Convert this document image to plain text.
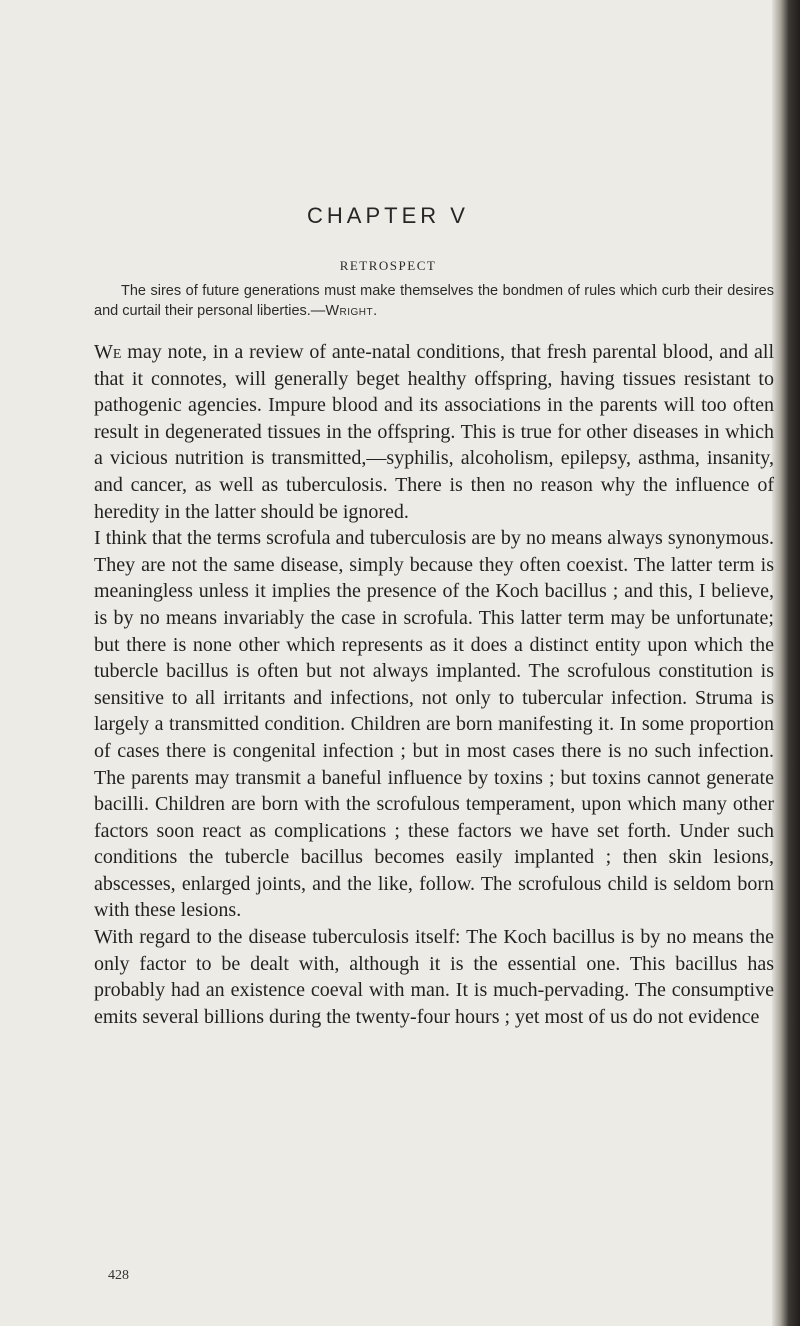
CHAPTER V
RETROSPECT

The sires of future generations must make themselves the bondmen of rules which curb their desires and curtail their personal liberties.—Wright.

We may note, in a review of ante-natal conditions, that fresh parental blood, and all that it connotes, will generally beget healthy offspring, having tissues resistant to pathogenic agencies. Impure blood and its associations in the parents will too often result in degenerated tissues in the offspring. This is true for other diseases in which a vicious nutrition is transmitted,—syphilis, alcoholism, epilepsy, asthma, insanity, and cancer, as well as tuberculosis. There is then no reason why the influence of heredity in the latter should be ignored.

I think that the terms scrofula and tuberculosis are by no means always synonymous. They are not the same disease, simply because they often coexist. The latter term is meaningless unless it implies the presence of the Koch bacillus ; and this, I believe, is by no means invariably the case in scrofula. This latter term may be unfortunate; but there is none other which represents as it does a distinct entity upon which the tubercle bacillus is often but not always implanted. The scrofulous constitution is sensitive to all irritants and infections, not only to tubercular infection. Struma is largely a transmitted condition. Children are born manifesting it. In some proportion of cases there is congenital infection ; but in most cases there is no such infection. The parents may transmit a baneful influence by toxins ; but toxins cannot generate bacilli. Children are born with the scrofulous temperament, upon which many other factors soon react as complications ; these factors we have set forth. Under such conditions the tubercle bacillus becomes easily implanted ; then skin lesions, abscesses, enlarged joints, and the like, follow. The scrofulous child is seldom born with these lesions.

With regard to the disease tuberculosis itself: The Koch bacillus is by no means the only factor to be dealt with, although it is the essential one. This bacillus has probably had an existence coeval with man. It is much-pervading. The consumptive emits several billions during the twenty-four hours ; yet most of us do not evidence

428
